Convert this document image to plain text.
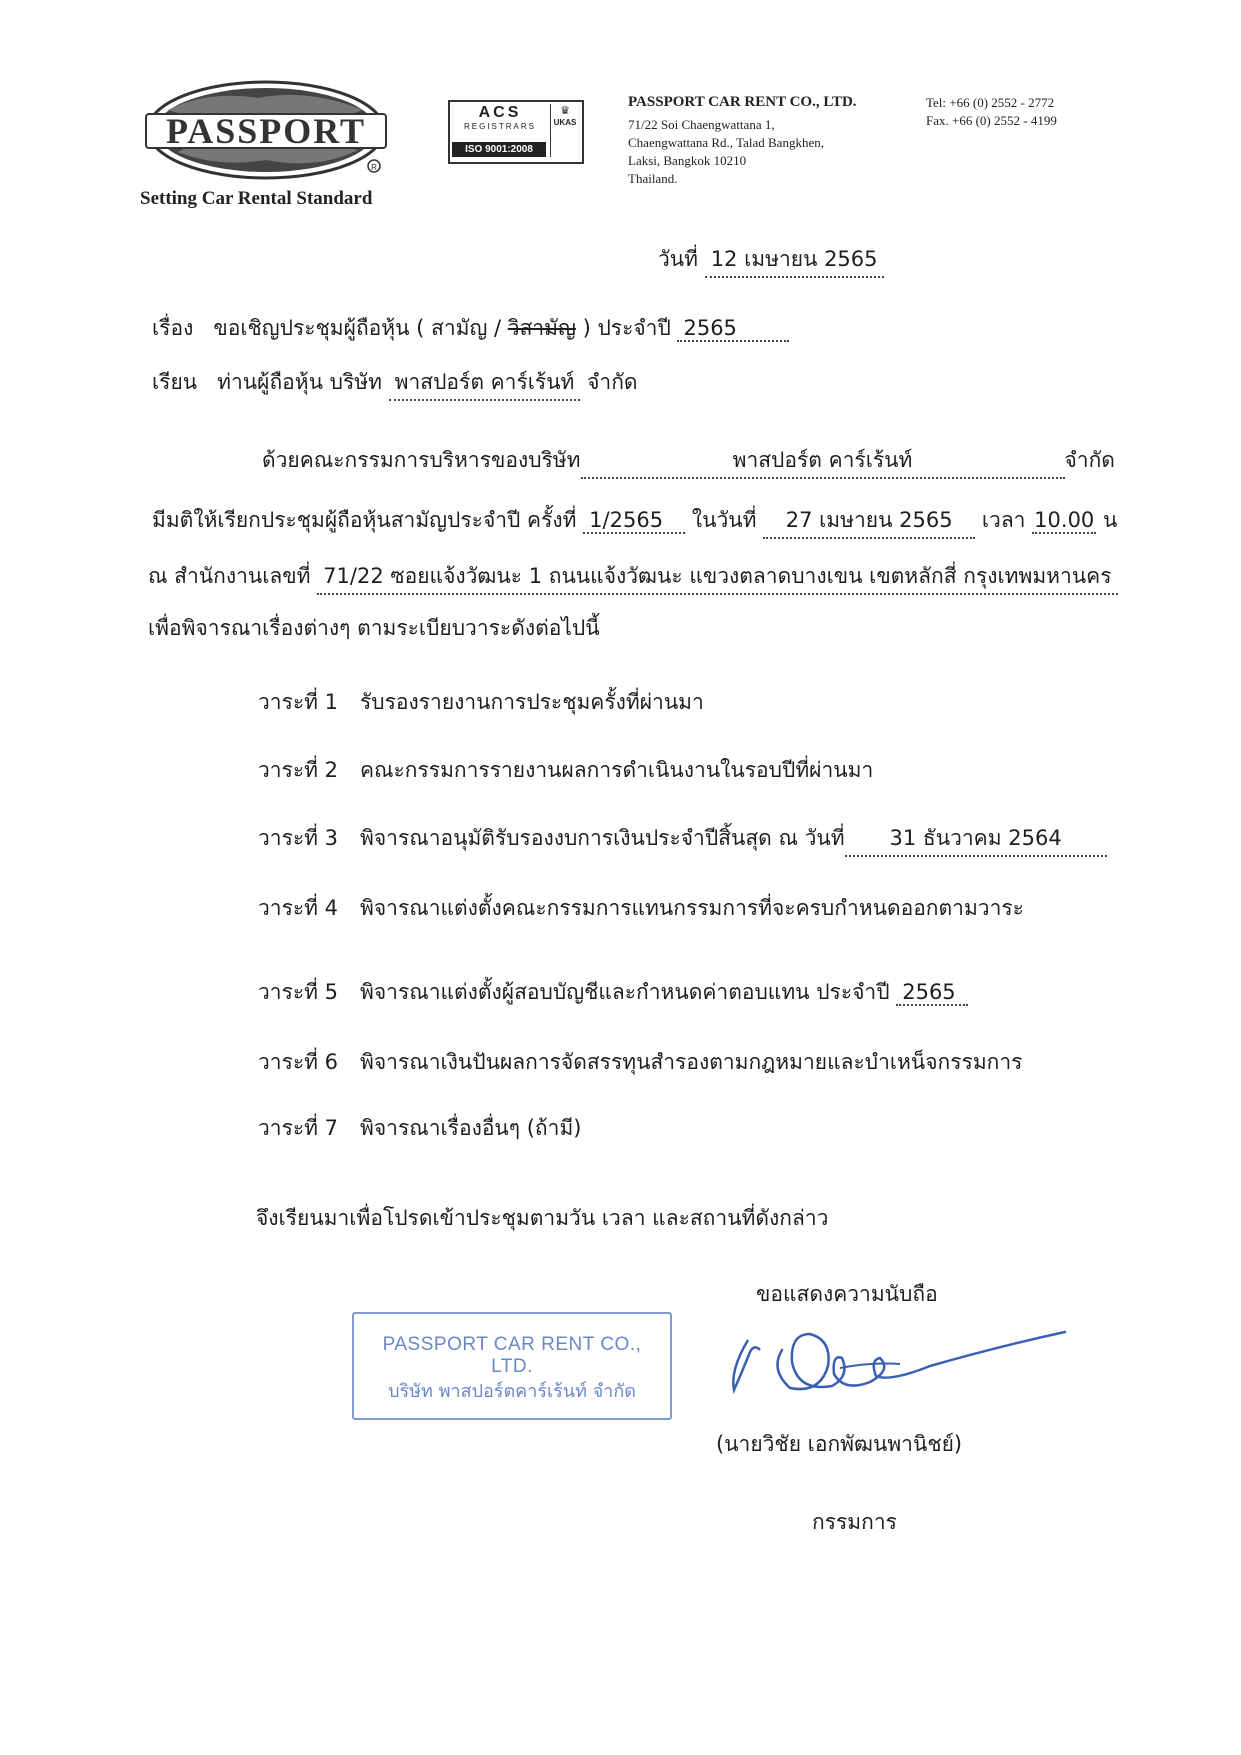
PASSPORT
R
Setting Car Rental Standard
ACS
REGISTRARS
ISO 9001:2008
♛
UKAS
PASSPORT CAR RENT CO., LTD.
71/22 Soi Chaengwattana 1,
Chaengwattana Rd., Talad Bangkhen,
Laksi, Bangkok 10210
Thailand.
Tel: +66 (0) 2552 - 2772
Fax. +66 (0) 2552 - 4199
วันที่ 12 เมษายน 2565
เรื่อง ขอเชิญประชุมผู้ถือหุ้น ( สามัญ / วิสามัญ ) ประจำปี 2565
เรียน ท่านผู้ถือหุ้น บริษัท พาสปอร์ต คาร์เร้นท์ จำกัด
ด้วยคณะกรรมการบริหารของบริษัท	พาสปอร์ต คาร์เร้นท์	จำกัด
มีมติให้เรียกประชุมผู้ถือหุ้นสามัญประจำปี ครั้งที่ 1/2565 ในวันที่ 27 เมษายน 2565 เวลา 10.00 น
ณ สำนักงานเลขที่ 71/22 ซอยแจ้งวัฒนะ 1 ถนนแจ้งวัฒนะ แขวงตลาดบางเขน เขตหลักสี่ กรุงเทพมหานคร
เพื่อพิจารณาเรื่องต่างๆ ตามระเบียบวาระดังต่อไปนี้
วาระที่ 1 รับรองรายงานการประชุมครั้งที่ผ่านมา
วาระที่ 2 คณะกรรมการรายงานผลการดำเนินงานในรอบปีที่ผ่านมา
วาระที่ 3 พิจารณาอนุมัติรับรองงบการเงินประจำปีสิ้นสุด ณ วันที่ 31 ธันวาคม 2564
วาระที่ 4 พิจารณาแต่งตั้งคณะกรรมการแทนกรรมการที่จะครบกำหนดออกตามวาระ
วาระที่ 5 พิจารณาแต่งตั้งผู้สอบบัญชีและกำหนดค่าตอบแทน ประจำปี 2565
วาระที่ 6 พิจารณาเงินปันผลการจัดสรรทุนสำรองตามกฎหมายและบำเหน็จกรรมการ
วาระที่ 7 พิจารณาเรื่องอื่นๆ (ถ้ามี)
จึงเรียนมาเพื่อโปรดเข้าประชุมตามวัน เวลา และสถานที่ดังกล่าว
ขอแสดงความนับถือ
PASSPORT CAR RENT CO., LTD.
บริษัท พาสปอร์ตคาร์เร้นท์ จำกัด
(นายวิชัย เอกพัฒนพานิชย์)
กรรมการ
